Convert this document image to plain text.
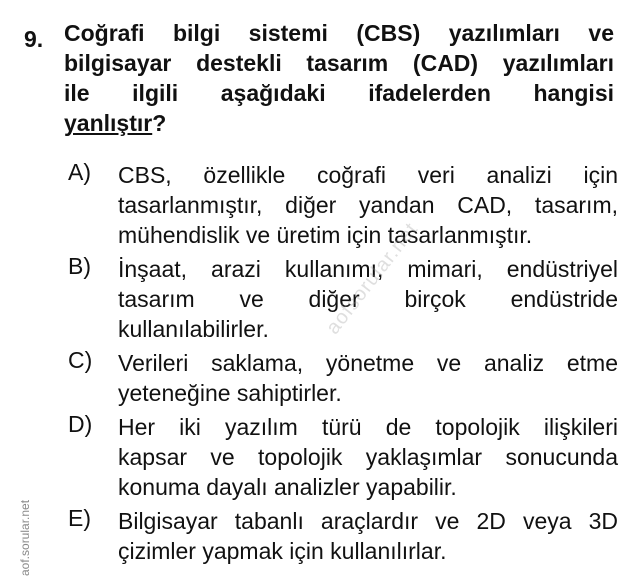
9. Coğrafi bilgi sistemi (CBS) yazılımları ve
bilgisayar destekli tasarım (CAD) yazılımları
ile ilgili aşağıdaki ifadelerden hangisi
yanlıştır?
A) CBS, özellikle coğrafi veri analizi için
tasarlanmıştır, diğer yandan CAD, tasarım,
mühendislik ve üretim için tasarlanmıştır.
B) İnşaat, arazi kullanımı, mimari, endüstriyel
tasarım ve diğer birçok endüstride
kullanılabilirler.
C) Verileri saklama, yönetme ve analiz etme
yeteneğine sahiptirler.
D) Her iki yazılım türü de topolojik ilişkileri
kapsar ve topolojik yaklaşımlar sonucunda
konuma dayalı analizler yapabilir.
E) Bilgisayar tabanlı araçlardır ve 2D veya 3D
çizimler yapmak için kullanılırlar.
aofsorular.net
aof.sorular.net
